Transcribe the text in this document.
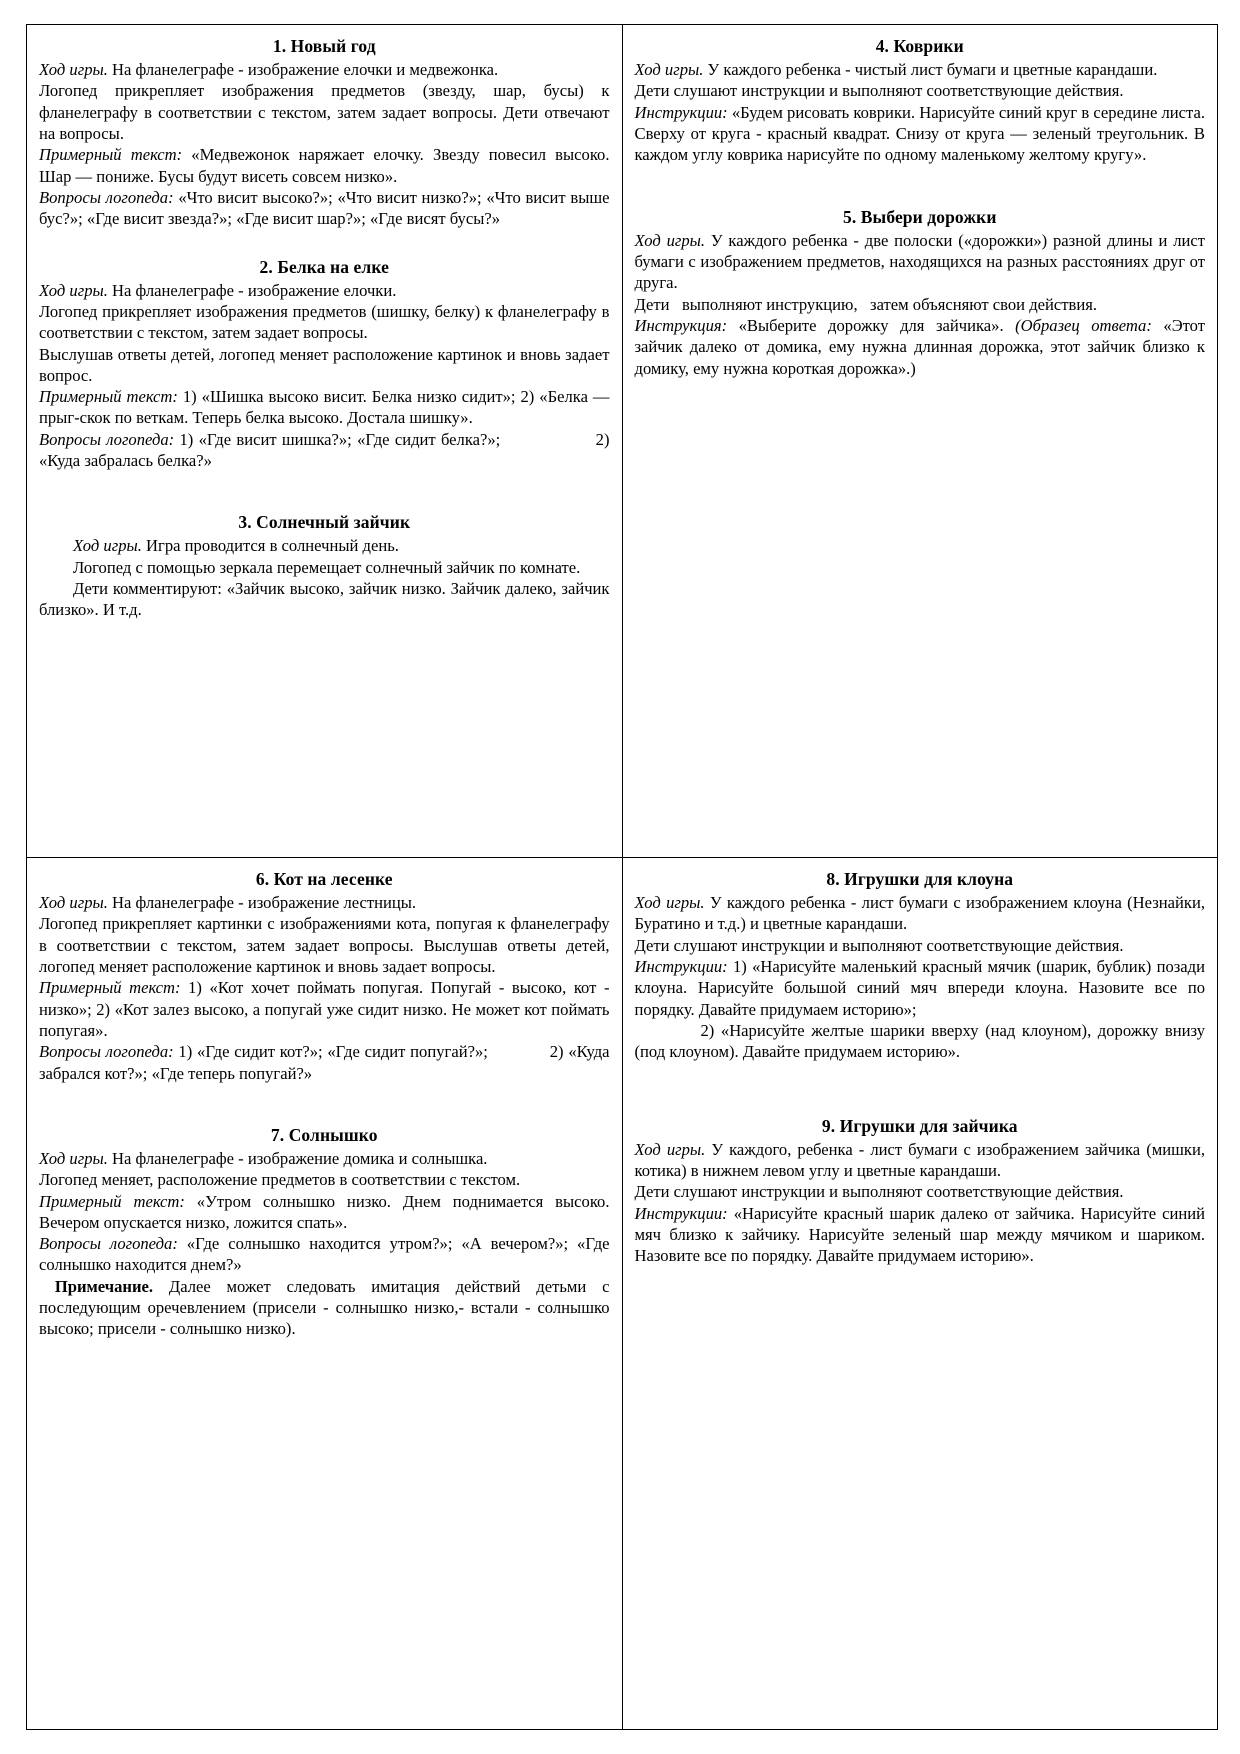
1. Новый год

Ход игры. На фланелеграфе - изображение елочки и медвежонка.

Логопед прикрепляет изображения предметов (звезду, шар, бусы) к фланелеграфу в соответствии с текстом, затем задает вопросы. Дети отвечают на вопросы.

Примерный текст: «Медвежонок наряжает елочку. Звезду повесил высоко. Шар — пониже. Бусы будут висеть совсем низко».

Вопросы логопеда: «Что висит высоко?»; «Что висит низко?»; «Что висит выше бус?»; «Где висит звезда?»; «Где висит шар?»; «Где висят бусы?»

2. Белка на елке

Ход игры. На фланелеграфе - изображение елочки.

Логопед прикрепляет изображения предметов (шишку, белку) к фланелеграфу в соответствии с текстом, затем задает вопросы.

Выслушав ответы детей, логопед меняет расположение картинок и вновь задает вопрос.

Примерный текст: 1) «Шишка высоко висит. Белка низко сидит»; 2) «Белка — прыг-скок по веткам. Теперь белка высоко. Достала шишку».

Вопросы логопеда: 1) «Где висит шишка?»; «Где сидит белка?»;                  2) «Куда забралась белка?»

3. Солнечный зайчик

Ход игры. Игра проводится в солнечный день.

Логопед с помощью зеркала перемещает солнечный зайчик по комнате.

Дети комментируют: «Зайчик высоко, зайчик низко. Зайчик далеко, зайчик близко». И т.д.

4. Коврики

Ход игры. У каждого ребенка - чистый лист бумаги и цветные карандаши.

Дети слушают инструкции и выполняют соответствующие действия.

Инструкции: «Будем рисовать коврики. Нарисуйте синий круг в середине листа. Сверху от круга - красный квадрат. Снизу от круга — зеленый треугольник. В каждом углу коврика нарисуйте по одному маленькому желтому кругу».

5. Выбери дорожки

Ход игры. У каждого ребенка - две полоски («дорожки») разной длины и лист бумаги с изображением предметов, находящихся на разных расстояниях друг от друга.

Дети   выполняют инструкцию,   затем объясняют свои действия.

Инструкция: «Выберите дорожку для зайчика». (Образец ответа: «Этот зайчик далеко от домика, ему нужна длинная дорожка, этот зайчик близко к домику, ему нужна короткая дорожка».)

6. Кот на лесенке

Ход игры. На фланелеграфе - изображение лестницы.

Логопед прикрепляет картинки с изображениями кота, попугая к фланелеграфу в соответствии с текстом, затем задает вопросы. Выслушав ответы детей, логопед меняет расположение картинок и вновь задает вопросы.

Примерный текст: 1) «Кот хочет поймать попугая. Попугай - высоко, кот - низко»; 2) «Кот залез высоко, а попугай уже сидит низко. Не может кот поймать попугая».

Вопросы логопеда: 1) «Где сидит кот?»; «Где сидит попугай?»;             2) «Куда забрался кот?»; «Где теперь попугай?»

7. Солнышко

Ход игры. На фланелеграфе - изображение домика и солнышка.

Логопед меняет, расположение предметов в соответствии с текстом.

Примерный текст: «Утром солнышко низко. Днем поднимается высоко. Вечером опускается низко, ложится спать».

Вопросы логопеда: «Где солнышко находится утром?»; «А вечером?»; «Где солнышко находится днем?»

Примечание. Далее может следовать имитация действий детьми с последующим оречевлением (присели - солнышко низко,- встали - солнышко высоко; присели - солнышко низко).

8. Игрушки для клоуна

Ход игры. У каждого ребенка - лист бумаги с изображением клоуна (Незнайки, Буратино и т.д.) и цветные карандаши.

Дети слушают инструкции и выполняют соответствующие действия.

Инструкции: 1) «Нарисуйте маленький красный мячик (шарик, бублик) позади клоуна. Нарисуйте большой синий мяч впереди клоуна. Назовите все по порядку. Давайте придумаем историю»;

2) «Нарисуйте желтые шарики вверху (над клоуном), дорожку внизу (под клоуном). Давайте придумаем историю».

9. Игрушки для зайчика

Ход игры. У каждого, ребенка - лист бумаги с изображением зайчика (мишки, котика) в нижнем левом углу и цветные карандаши.

Дети слушают инструкции и выполняют соответствующие действия.

Инструкции: «Нарисуйте красный шарик далеко от зайчика. Нарисуйте синий мяч близко к зайчику. Нарисуйте зеленый шар между мячиком и шариком. Назовите все по порядку. Давайте придумаем историю».
